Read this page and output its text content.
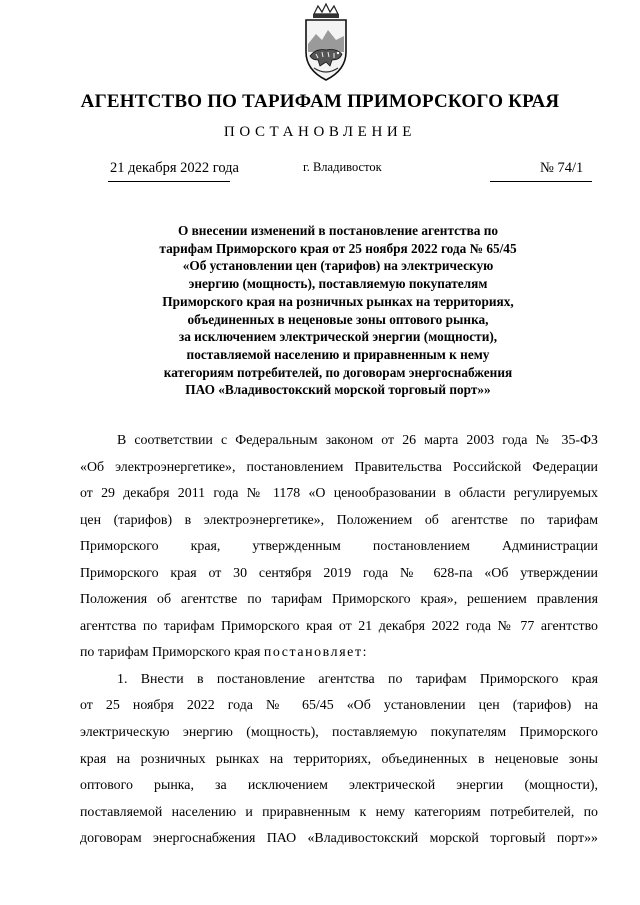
АГЕНТСТВО ПО ТАРИФАМ ПРИМОРСКОГО КРАЯ
ПОСТАНОВЛЕНИЕ
21 декабря 2022 года	г. Владивосток	№ 74/1
О внесении изменений в постановление агентства по
тарифам Приморского края от 25 ноября 2022 года № 65/45
«Об установлении цен (тарифов) на электрическую
энергию (мощность), поставляемую покупателям
Приморского края на розничных рынках на территориях,
объединенных в неценовые зоны оптового рынка,
за исключением электрической энергии (мощности),
поставляемой населению и приравненным к нему
категориям потребителей, по договорам энергоснабжения
ПАО «Владивостокский морской торговый порт»»
В соответствии с Федеральным законом от 26 марта 2003 года № 35-ФЗ
«Об электроэнергетике», постановлением Правительства Российской Федерации
от 29 декабря 2011 года № 1178 «О ценообразовании в области регулируемых
цен (тарифов) в электроэнергетике», Положением об агентстве по тарифам
Приморского края, утвержденным постановлением Администрации
Приморского края от 30 сентября 2019 года № 628-па «Об утверждении
Положения об агентстве по тарифам Приморского края», решением правления
агентства по тарифам Приморского края от 21 декабря 2022 года № 77 агентство
по тарифам Приморского края постановляет:
1. Внести в постановление агентства по тарифам Приморского края
от 25 ноября 2022 года № 65/45 «Об установлении цен (тарифов) на
электрическую энергию (мощность), поставляемую покупателям Приморского
края на розничных рынках на территориях, объединенных в неценовые зоны
оптового рынка, за исключением электрической энергии (мощности),
поставляемой населению и приравненным к нему категориям потребителей, по
договорам энергоснабжения ПАО «Владивостокский морской торговый порт»»
